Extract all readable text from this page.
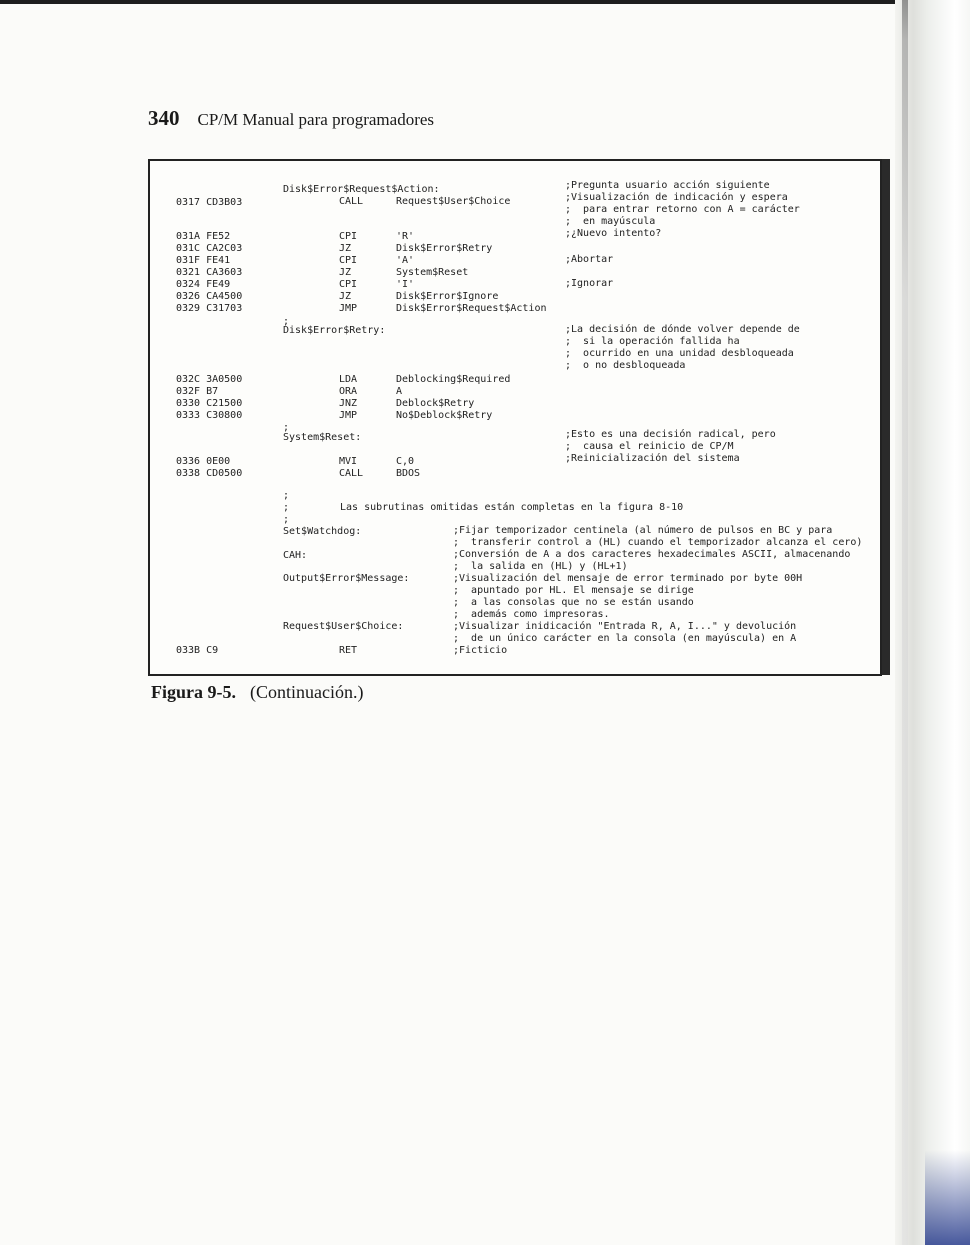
340 CP/M Manual para programadores
0317 CD3B03
031A FE52
031C CA2C03
031F FE41
0321 CA3603
0324 FE49
0326 CA4500
0329 C31703
032C 3A0500
032F B7
0330 C21500
0333 C30800
0336 0E00
0338 CD0500
033B C9
Disk$Error$Request$Action:
;
Disk$Error$Retry:
;
System$Reset:
;
;
;
Set$Watchdog:
CAH:
Output$Error$Message:
Request$User$Choice:
CALL
CPI
JZ
CPI
JZ
CPI
JZ
JMP
LDA
ORA
JNZ
JMP
MVI
CALL
RET
Request$User$Choice
'R'
Disk$Error$Retry
'A'
System$Reset
'I'
Disk$Error$Ignore
Disk$Error$Request$Action
Deblocking$Required
A
Deblock$Retry
No$Deblock$Retry
C,0
BDOS
;Pregunta usuario acción siguiente
;Visualización de indicación y espera
;  para entrar retorno con A = carácter
;  en mayúscula
;¿Nuevo intento?
;Abortar
;Ignorar
;La decisión de dónde volver depende de
;  si la operación fallida ha
;  ocurrido en una unidad desbloqueada
;  o no desbloqueada
;Esto es una decisión radical, pero
;  causa el reinicio de CP/M
;Reinicialización del sistema
;Fijar temporizador centinela (al número de pulsos en BC y para
;  transferir control a (HL) cuando el temporizador alcanza el cero)
;Conversión de A a dos caracteres hexadecimales ASCII, almacenando
;  la salida en (HL) y (HL+1)
;Visualización del mensaje de error terminado por byte 00H
;  apuntado por HL. El mensaje se dirige
;  a las consolas que no se están usando
;  además como impresoras.
;Visualizar inidicación "Entrada R, A, I..." y devolución
;  de un único carácter en la consola (en mayúscula) en A
;Ficticio
Las subrutinas omitidas están completas en la figura 8-10
Figura 9-5. (Continuación.)
